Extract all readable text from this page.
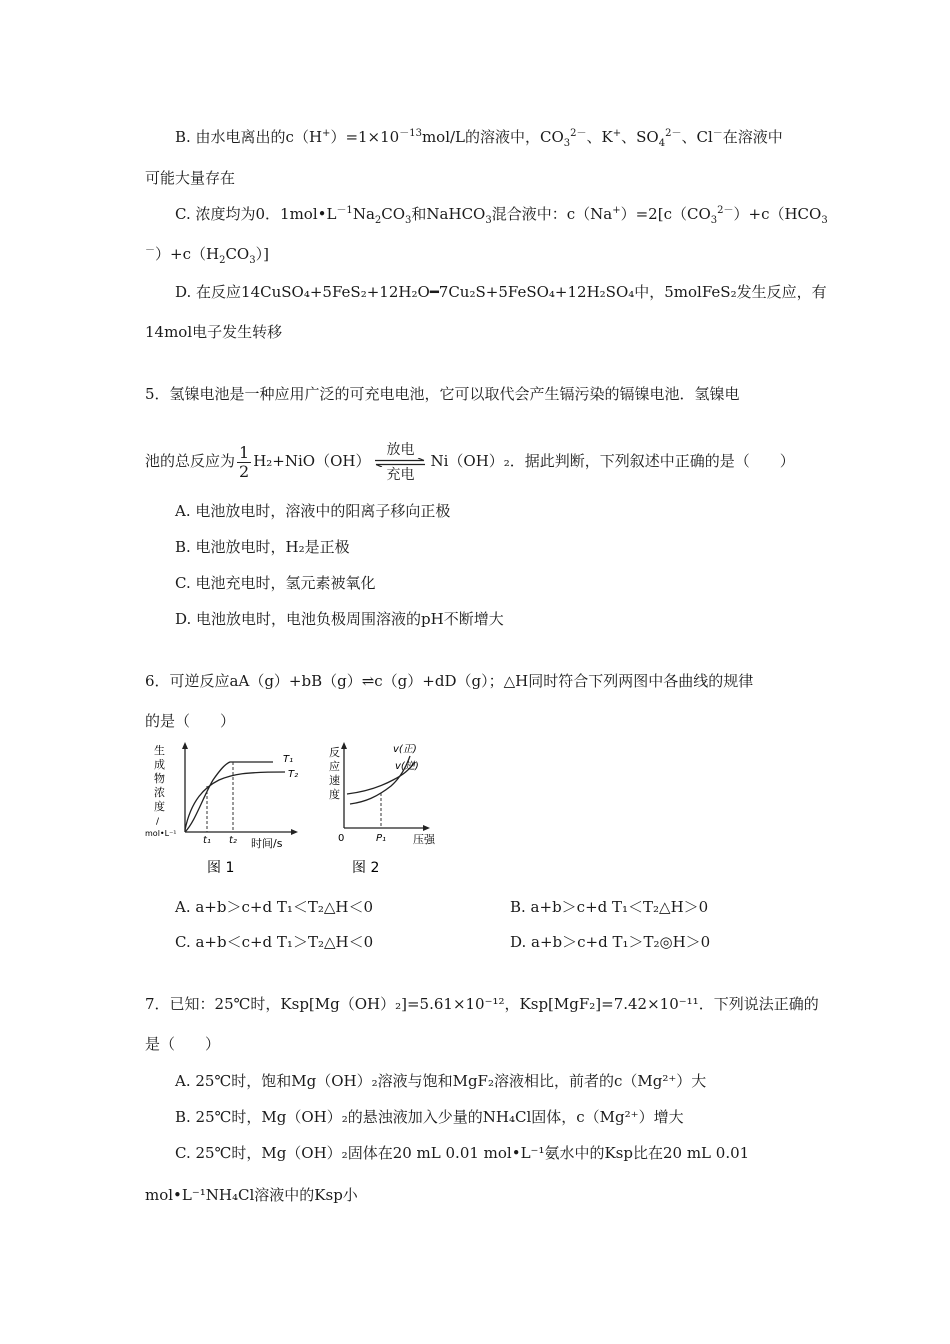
B. 由水电离出的$c(H^+)=1\times 10^{-13}mol/L$的溶液中，$CO_3^{2-}$、K+、$SO_4^{2-}$、Cl－在溶液中
可能大量存在
C. 浓度均为0．$1mol•L^{-1}Na_2CO_3$和NaHCO$_3$混合液中：$c(Na^+)=2[c(CO_3^{2-})+c(HCO_3$
$^-)+c(H_2CO_3)$]
D. 在反应14CuSO₄+5FeS₂+12H₂O━7Cu₂S+5FeSO₄+12H₂SO₄中，5molFeS₂发生反应，有
14mol电子发生转移
5．氢镍电池是一种应用广泛的可充电电池，它可以取代会产生镉污染的镉镍电池．氢镍电
池的总反应为 $\frac{1}{2} H_2+NiO(OH)$
放电
充电
Ni（OH）₂．据此判断，下列叙述中正确的是（　　）
A. 电池放电时，溶液中的阳离子移向正极
B. 电池放电时，H₂是正极
C. 电池充电时，氢元素被氧化
D. 电池放电时，电池负极周围溶液的pH不断增大
6．可逆反应aA（g）+bB（g）⇌c（g）+dD（g）；△H同时符合下列两图中各曲线的规律
的是（　　）
生
成
物
浓
度
/
mol•L⁻¹
T₁
T₂
t₁ t₂ 时间/s
图 1
反
应
速
度
v(正)
v(逆)
0	P₁ 压强
图 2
A. a+b＞c+d T₁＜T₂△H＜0	B. a+b＞c+d T₁＜T₂△H＞0
C. a+b＜c+d T₁＞T₂△H＜0	D. a+b＞c+d T₁＞T₂◎H＞0
7．已知：25℃时，Ksp[Mg（OH）₂]=5.61×10⁻¹²，Ksp[MgF₂]=7.42×10⁻¹¹．下列说法正确的
是（　　）
A. 25℃时，饱和Mg（OH）₂溶液与饱和MgF₂溶液相比，前者的c（Mg²⁺）大
B. 25℃时，Mg（OH）₂的悬浊液加入少量的NH₄Cl固体，c（Mg²⁺）增大
C. 25℃时，Mg（OH）₂固体在20 mL 0.01 mol•L⁻¹氨水中的Ksp比在20 mL 0.01
mol•L⁻¹NH₄Cl溶液中的Ksp小
